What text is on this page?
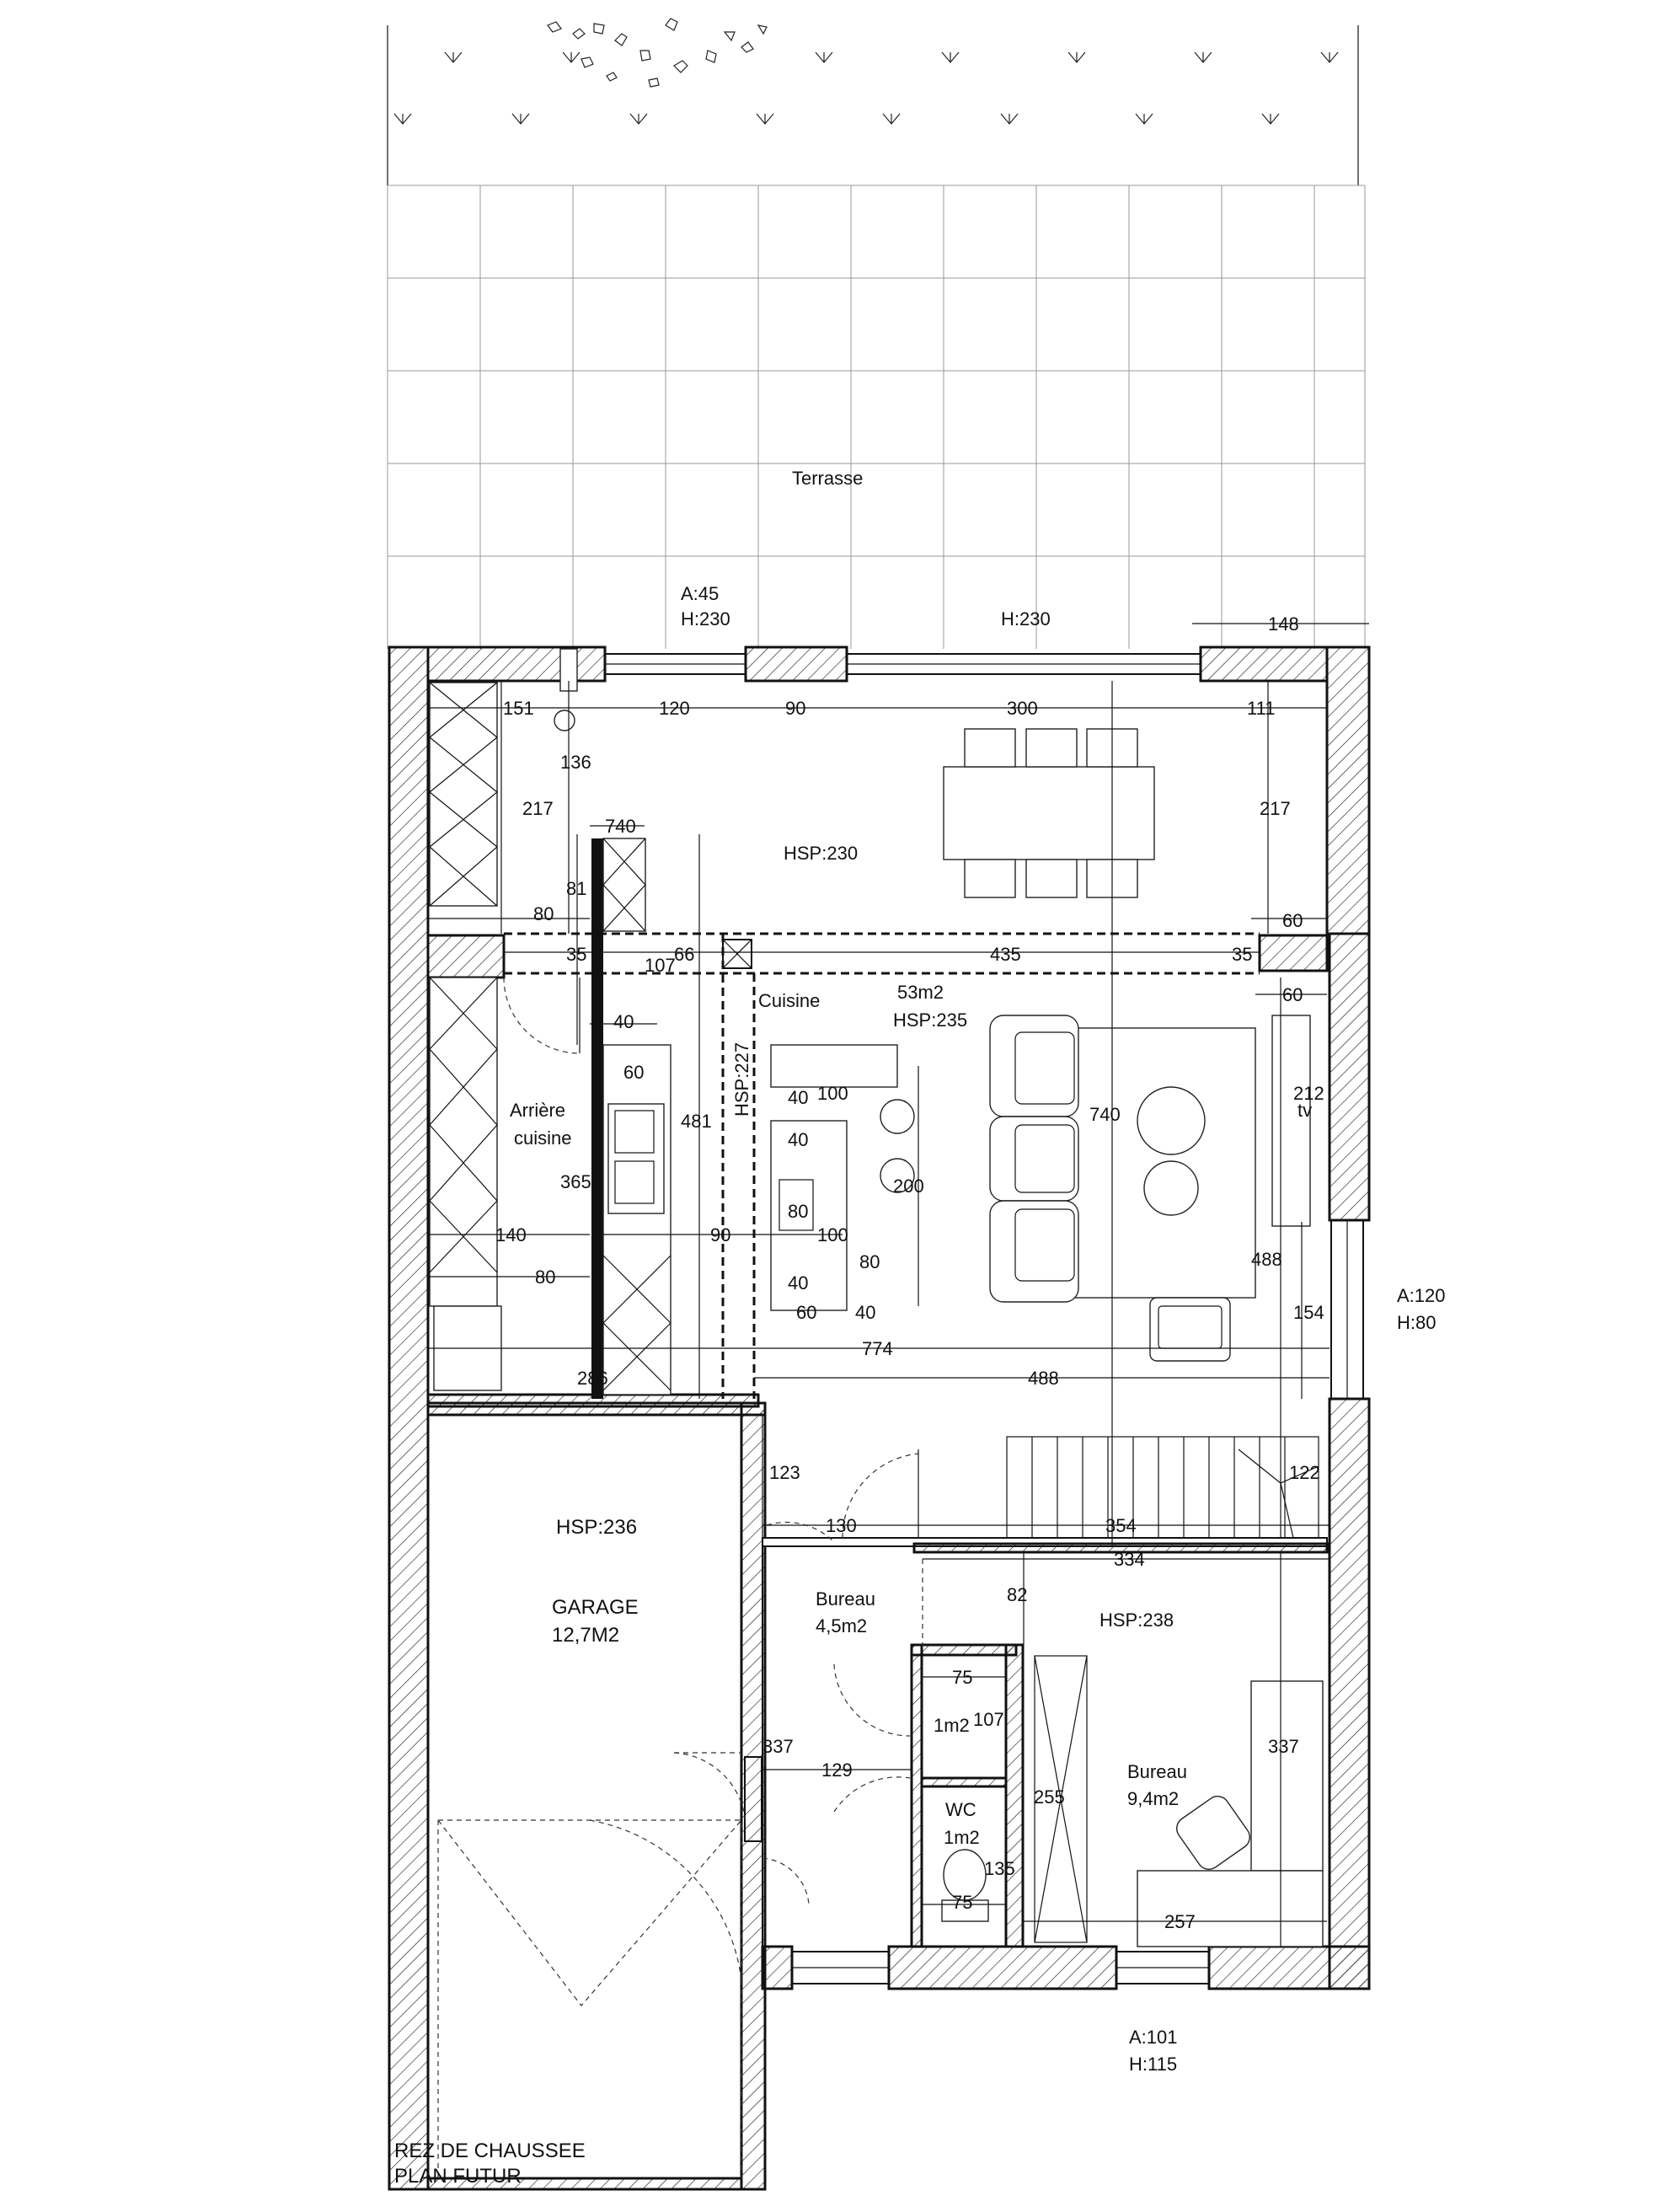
Terrasse
HSP:230
Cuisine	53m2
HSP:235
HSP:227
Arrière
cuisine
HSP:236
GARAGE
12,7M2
Bureau
4,5m2	HSP:238
1m2
WC
1m2
Bureau
9,4m2
tv
A:45
H:230	H:230
A:120
H:80
A:101
H:115
148
151	120	90	300	111
136
217	217
740
81
80	60
35
107
66	435	35
60
40
60
40 100
481
40
740
212
365
80
200
140	90	100
80
80
40
488
60 40	154
774
286	488
123	122
130	354
334
82
75
107
337
129
255
337
135
75
257
REZ DE CHAUSSEE
PLAN FUTUR
